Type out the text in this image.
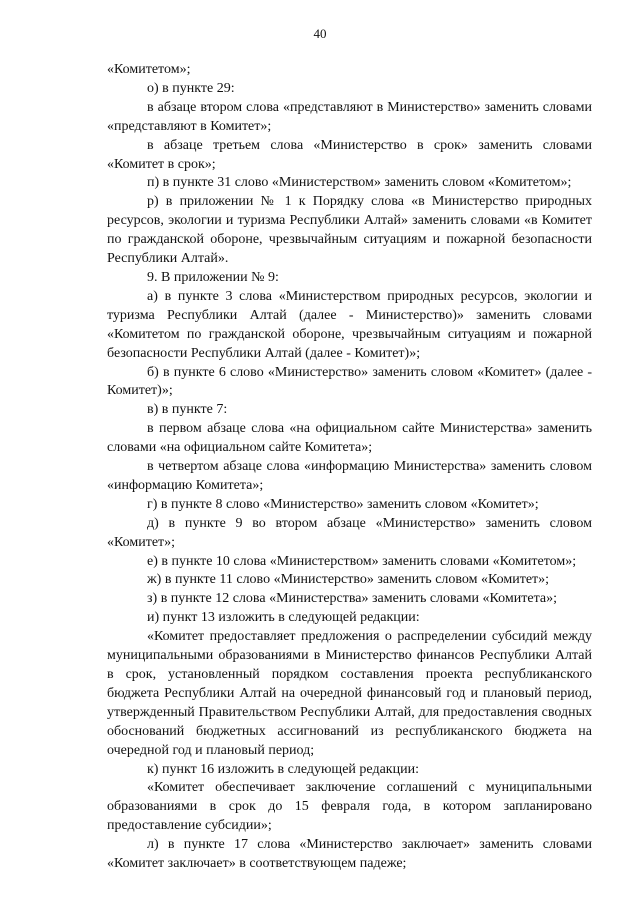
40

«Комитетом»;

о) в пункте 29:

в абзаце втором слова «представляют в Министерство» заменить словами «представляют в Комитет»;

в абзаце третьем слова «Министерство в срок» заменить словами «Комитет в срок»;

п) в пункте 31 слово «Министерством» заменить словом «Комитетом»;

р) в приложении № 1 к Порядку слова «в Министерство природных ресурсов, экологии и туризма Республики Алтай» заменить словами «в Комитет по гражданской обороне, чрезвычайным ситуациям и пожарной безопасности Республики Алтай».

9. В приложении № 9:

а) в пункте 3 слова «Министерством природных ресурсов, экологии и туризма Республики Алтай (далее - Министерство)» заменить словами «Комитетом по гражданской обороне, чрезвычайным ситуациям и пожарной безопасности Республики Алтай (далее - Комитет)»;

б) в пункте 6 слово «Министерство» заменить словом «Комитет» (далее - Комитет)»;

в) в пункте 7:

в первом абзаце слова «на официальном сайте Министерства» заменить словами «на официальном сайте Комитета»;

в четвертом абзаце слова «информацию Министерства» заменить словом «информацию Комитета»;

г) в пункте 8 слово «Министерство» заменить словом «Комитет»;

д) в пункте 9 во втором абзаце «Министерство» заменить словом «Комитет»;

е) в пункте 10 слова «Министерством» заменить словами «Комитетом»;

ж) в пункте 11 слово «Министерство» заменить словом «Комитет»;

з) в пункте 12 слова «Министерства» заменить словами «Комитета»;

и) пункт 13 изложить в следующей редакции:

«Комитет предоставляет предложения о распределении субсидий между муниципальными образованиями в Министерство финансов Республики Алтай в срок, установленный порядком составления проекта республиканского бюджета Республики Алтай на очередной финансовый год и плановый период, утвержденный Правительством Республики Алтай, для предоставления сводных обоснований бюджетных ассигнований из республиканского бюджета на очередной год и плановый период;

к) пункт 16 изложить в следующей редакции:

«Комитет обеспечивает заключение соглашений с муниципальными образованиями в срок до 15 февраля года, в котором запланировано предоставление субсидии»;

л) в пункте 17 слова «Министерство заключает» заменить словами «Комитет заключает» в соответствующем падеже;
